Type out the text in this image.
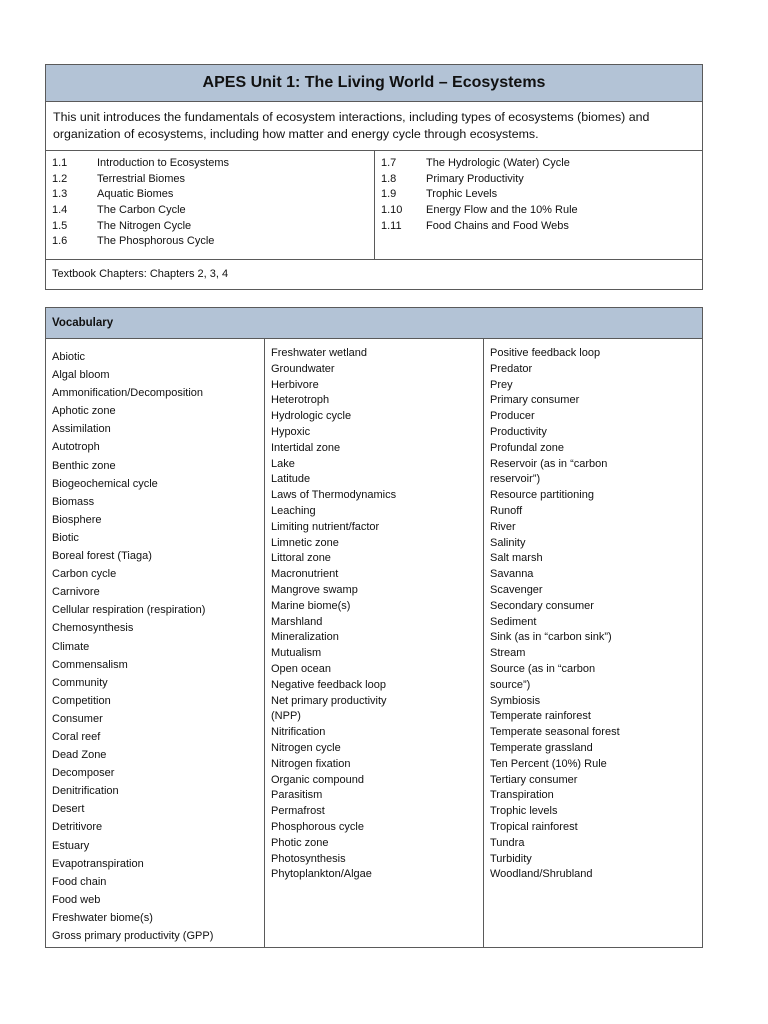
APES Unit 1: The Living World – Ecosystems
This unit introduces the fundamentals of ecosystem interactions, including types of ecosystems (biomes) and organization of ecosystems, including how matter and energy cycle through ecosystems.
1.1	Introduction to Ecosystems
1.2	Terrestrial Biomes
1.3	Aquatic Biomes
1.4	The Carbon Cycle
1.5	The Nitrogen Cycle
1.6	The Phosphorous Cycle
1.7	The Hydrologic (Water) Cycle
1.8	Primary Productivity
1.9	Trophic Levels
1.10	Energy Flow and the 10% Rule
1.11	Food Chains and Food Webs
Textbook Chapters: Chapters 2, 3, 4
Vocabulary
Abiotic
Algal bloom
Ammonification/Decomposition
Aphotic zone
Assimilation
Autotroph
Benthic zone
Biogeochemical cycle
Biomass
Biosphere
Biotic
Boreal forest (Tiaga)
Carbon cycle
Carnivore
Cellular respiration (respiration)
Chemosynthesis
Climate
Commensalism
Community
Competition
Consumer
Coral reef
Dead Zone
Decomposer
Denitrification
Desert
Detritivore
Estuary
Evapotranspiration
Food chain
Food web
Freshwater biome(s)
Gross primary productivity (GPP)
Freshwater wetland
Groundwater
Herbivore
Heterotroph
Hydrologic cycle
Hypoxic
Intertidal zone
Lake
Latitude
Laws of Thermodynamics
Leaching
Limiting nutrient/factor
Limnetic zone
Littoral zone
Macronutrient
Mangrove swamp
Marine biome(s)
Marshland
Mineralization
Mutualism
Open ocean
Negative feedback loop
Net primary productivity
(NPP)
Nitrification
Nitrogen cycle
Nitrogen fixation
Organic compound
Parasitism
Permafrost
Phosphorous cycle
Photic zone
Photosynthesis
Phytoplankton/Algae
Positive feedback loop
Predator
Prey
Primary consumer
Producer
Productivity
Profundal zone
Reservoir (as in “carbon
reservoir”)
Resource partitioning
Runoff
River
Salinity
Salt marsh
Savanna
Scavenger
Secondary consumer
Sediment
Sink (as in “carbon sink”)
Stream
Source (as in “carbon
source”)
Symbiosis
Temperate rainforest
Temperate seasonal forest
Temperate grassland
Ten Percent (10%) Rule
Tertiary consumer
Transpiration
Trophic levels
Tropical rainforest
Tundra
Turbidity
Woodland/Shrubland
